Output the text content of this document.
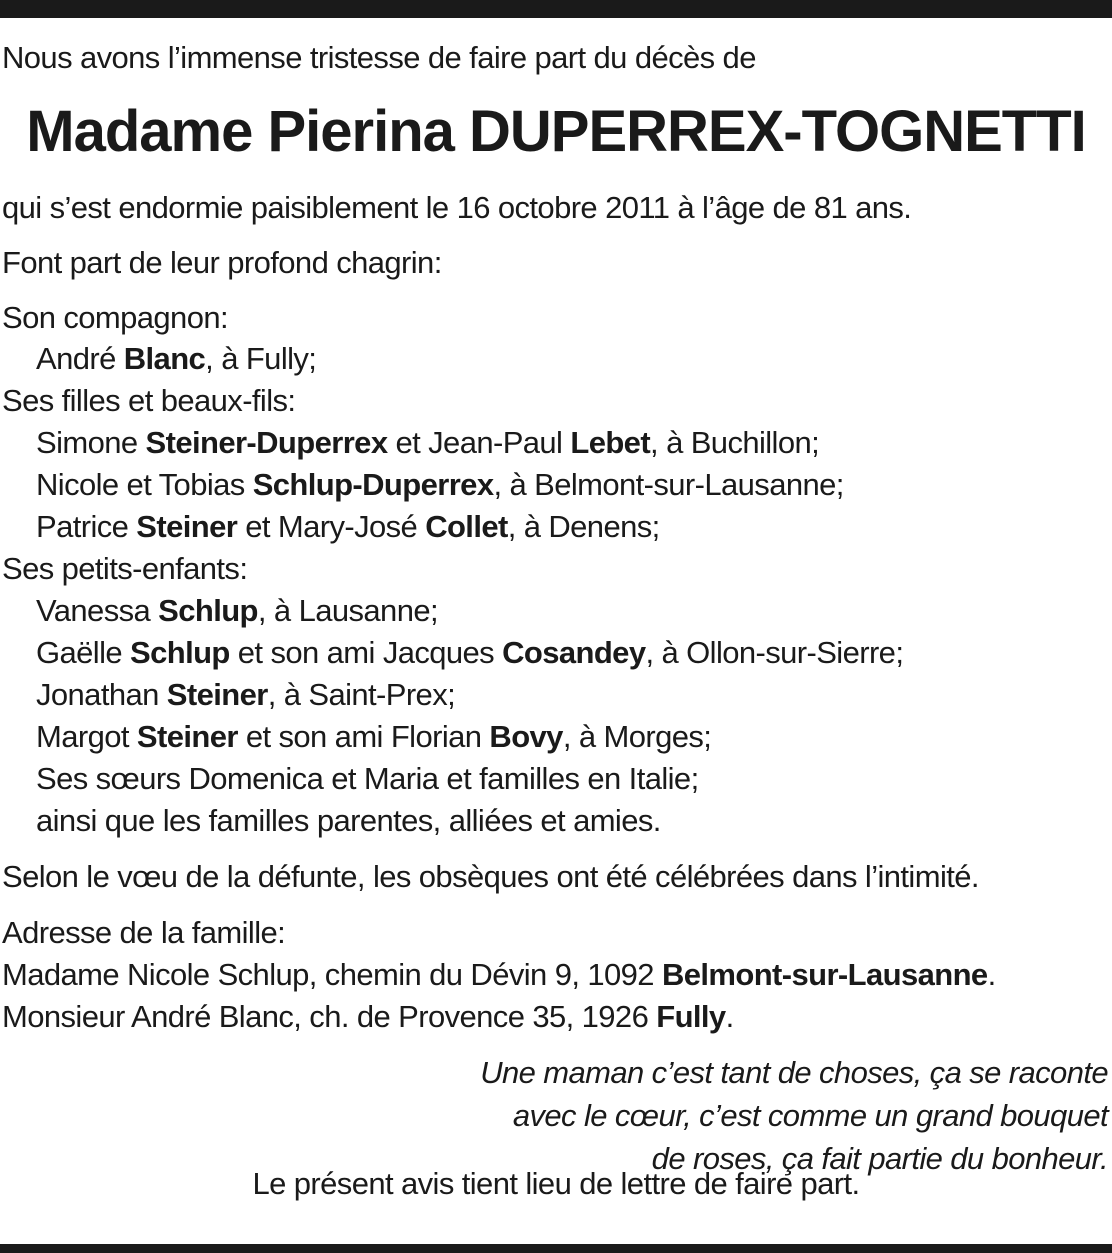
Nous avons l’immense tristesse de faire part du décès de
Madame Pierina DUPERREX-TOGNETTI
qui s’est endormie paisiblement le 16 octobre 2011 à l’âge de 81 ans.
Font part de leur profond chagrin:
Son compagnon:
André Blanc, à Fully;
Ses filles et beaux-fils:
Simone Steiner-Duperrex et Jean-Paul Lebet, à Buchillon;
Nicole et Tobias Schlup-Duperrex, à Belmont-sur-Lausanne;
Patrice Steiner et Mary-José Collet, à Denens;
Ses petits-enfants:
Vanessa Schlup, à Lausanne;
Gaëlle Schlup et son ami Jacques Cosandey, à Ollon-sur-Sierre;
Jonathan Steiner, à Saint-Prex;
Margot Steiner et son ami Florian Bovy, à Morges;
Ses sœurs Domenica et Maria et familles en Italie;
ainsi que les familles parentes, alliées et amies.
Selon le vœu de la défunte, les obsèques ont été célébrées dans l’intimité.
Adresse de la famille:
Madame Nicole Schlup, chemin du Dévin 9, 1092 Belmont-sur-Lausanne.
Monsieur André Blanc, ch. de Provence 35, 1926 Fully.
Une maman c’est tant de choses, ça se raconte
avec le cœur, c’est comme un grand bouquet
de roses, ça fait partie du bonheur.
Le présent avis tient lieu de lettre de faire part.
